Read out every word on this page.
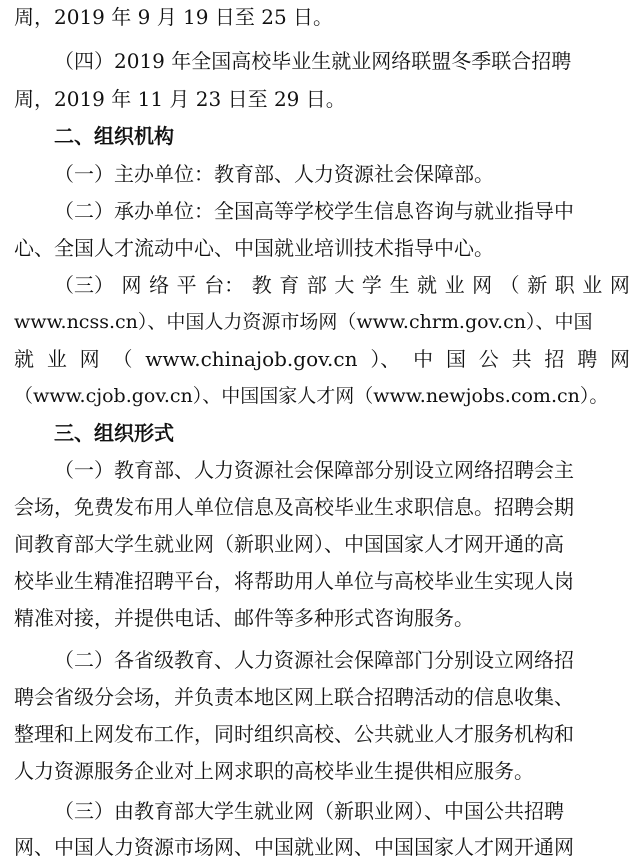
周，2019 年 9 月 19 日至 25 日。
（四）2019 年全国高校毕业生就业网络联盟冬季联合招聘
周，2019 年 11 月 23 日至 29 日。
二、组织机构
（一）主办单位：教育部、人力资源社会保障部。
（二）承办单位：全国高等学校学生信息咨询与就业指导中
心、全国人才流动中心、中国就业培训技术指导中心。
（三） 网 络 平 台： 教 育 部 大 学 生 就 业 网 （ 新 职 业 网
www.ncss.cn）、中国人力资源市场网（www.chrm.gov.cn）、中国
就 业 网 （ www.chinajob.gov.cn ）、 中 国 公 共 招 聘 网
（www.cjob.gov.cn）、中国国家人才网（www.newjobs.com.cn）。
三、组织形式
（一）教育部、人力资源社会保障部分别设立网络招聘会主
会场，免费发布用人单位信息及高校毕业生求职信息。招聘会期
间教育部大学生就业网（新职业网）、中国国家人才网开通的高
校毕业生精准招聘平台，将帮助用人单位与高校毕业生实现人岗
精准对接，并提供电话、邮件等多种形式咨询服务。
（二）各省级教育、人力资源社会保障部门分别设立网络招
聘会省级分会场，并负责本地区网上联合招聘活动的信息收集、
整理和上网发布工作，同时组织高校、公共就业人才服务机构和
人力资源服务企业对上网求职的高校毕业生提供相应服务。
（三）由教育部大学生就业网（新职业网）、中国公共招聘
网、中国人力资源市场网、中国就业网、中国国家人才网开通网
